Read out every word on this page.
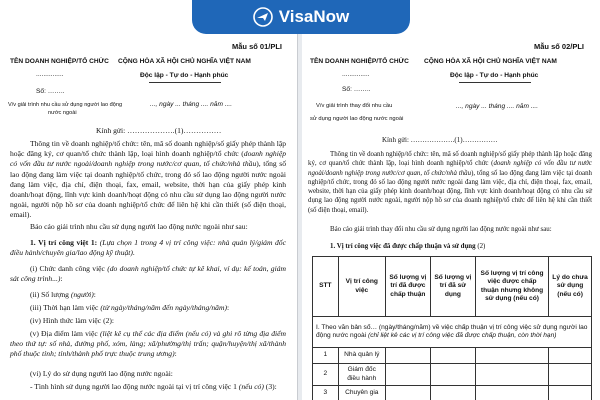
VisaNow
Mẫu số 01/PLI
TÊN DOANH NGHIỆP/TỔ CHỨC CỘNG HÒA XÃ HỘI CHỦ NGHĨA VIỆT NAM
...............	Độc lập - Tự do - Hạnh phúc
Số: ……..
V/v giải trình nhu cầu sử dụng người lao động
nước ngoài
..., ngày ... tháng .... năm ....
Kính gửi: ……………….(1)……………
Thông tin về doanh nghiệp/tổ chức: tên, mã số doanh nghiệp/số giấy phép thành lập hoặc đăng ký, cơ quan/tổ chức thành lập, loại hình doanh nghiệp/tổ chức (doanh nghiệp có vốn đầu tư nước ngoài/doanh nghiệp trong nước/cơ quan, tổ chức/nhà thầu), tổng số lao động đang làm việc tại doanh nghiệp/tổ chức, trong đó số lao động người nước ngoài đang làm việc, địa chỉ, điện thoại, fax, email, website, thời hạn của giấy phép kinh doanh/hoạt động, lĩnh vực kinh doanh/hoạt động có nhu cầu sử dụng lao động người nước ngoài, người nộp hồ sơ của doanh nghiệp/tổ chức để liên hệ khi cần thiết (số điện thoại, email).
Báo cáo giải trình nhu cầu sử dụng người lao động nước ngoài như sau:
1. Vị trí công việt 1: (Lựa chọn 1 trong 4 vị trí công việc: nhà quản lý/giám đốc điều hành/chuyên gia/lao động kỹ thuật).
(i) Chức danh công việc (do doanh nghiệp/tổ chức tự kê khai, ví dụ: kế toán, giám sát công trình...):
(ii) Số lượng (người):
(iii) Thời hạn làm việc (từ ngày/tháng/năm đến ngày/tháng/năm):
(iv) Hình thức làm việc (2):
(v) Địa điểm làm việc (liệt kê cụ thể các địa điểm (nếu có) và ghi rõ từng địa điểm theo thứ tự: số nhà, đường phố, xóm, làng; xã/phường/thị trấn; quận/huyện/thị xã/thành phố thuộc tỉnh; tỉnh/thành phố trực thuộc trung ương):
(vi) Lý do sử dụng người lao động nước ngoài:
- Tình hình sử dụng người lao động nước ngoài tại vị trí công việc 1 (nếu có) (3):
Mẫu số 02/PLI
TÊN DOANH NGHIỆP/TỔ CHỨC CỘNG HÒA XÃ HỘI CHỦ NGHĨA VIỆT NAM
...............	Độc lập - Tự do - Hạnh phúc
Số: ……..
V/v giải trình thay đổi nhu cầu
sử dụng người lao động nước ngoài
..., ngày ... tháng .... năm ....
Kính gửi: ……………….(1)……………
Thông tin về doanh nghiệp/tổ chức: tên, mã số doanh nghiệp/số giấy phép thành lập hoặc đăng ký, cơ quan/tổ chức thành lập, loại hình doanh nghiệp/tổ chức (doanh nghiệp có vốn đầu tư nước ngoài/doanh nghiệp trong nước/cơ quan, tổ chức/nhà thầu), tổng số lao động đang làm việc tại doanh nghiệp/tổ chức, trong đó số lao động người nước ngoài đang làm việc, địa chỉ, điện thoại, fax, email, website, thời hạn của giấy phép kinh doanh/hoạt động, lĩnh vực kinh doanh/hoạt động có nhu cầu sử dụng lao động người nước ngoài, người nộp hồ sơ của doanh nghiệp/tổ chức để liên hệ khi cần thiết (số điện thoại, email).
Báo cáo giải trình thay đổi nhu cầu sử dụng người lao động nước ngoài như sau:
1. Vị trí công việc đã được chấp thuận và sử dụng (2)
STT	Vị trí công việc	Số lượng vị trí đã được chấp thuận	Số lượng vị trí đã sử dụng	Số lượng vị trí công việc được chấp thuận nhưng không sử dụng (nếu có)	Lý do chưa sử dụng (nếu có)
I. Theo văn bản số… (ngày/tháng/năm) về việc chấp thuận vị trí công việc sử dụng người lao động nước ngoài (chỉ liệt kê các vị trí công việc đã được chấp thuận, còn thời hạn)					
1	Nhà quản lý				
2	Giám đốc điều hành				
3	Chuyên gia				
